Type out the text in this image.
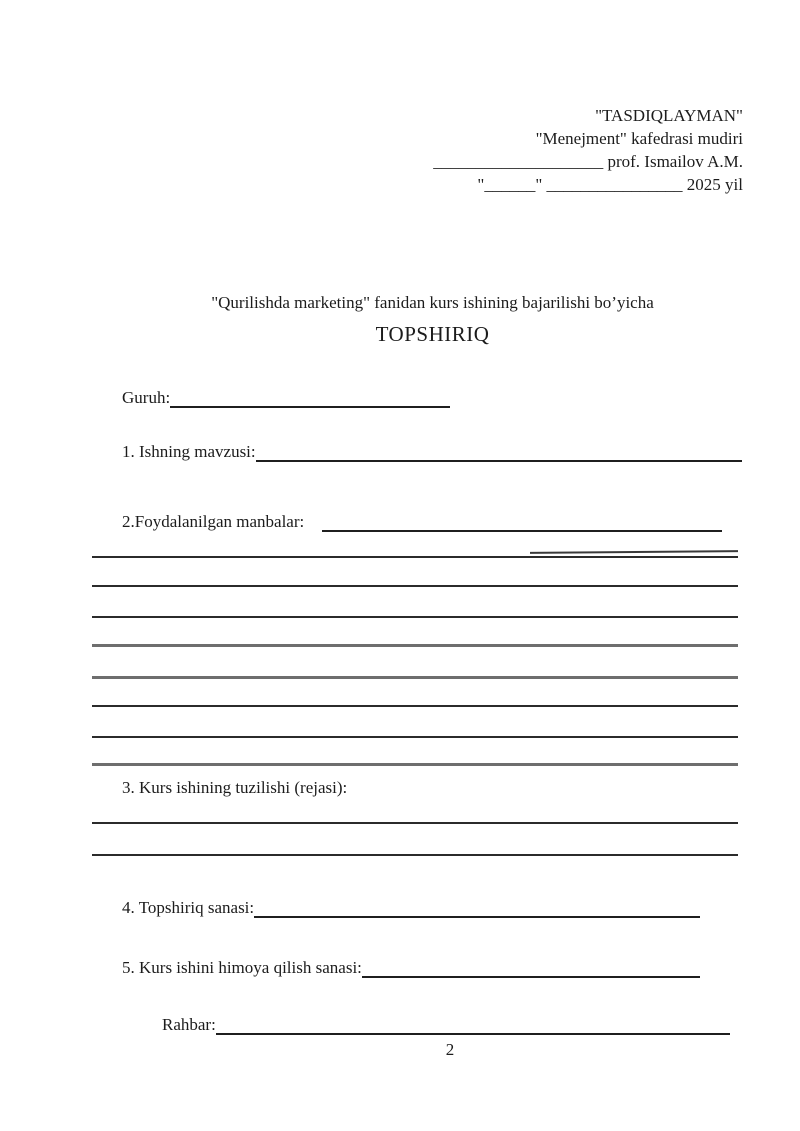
"TASDIQLAYMAN"
"Menejment" kafedrasi mudiri
____________________ prof. Ismailov A.M.
"______" ________________ 2025 yil
"Qurilishda marketing" fanidan kurs ishining bajarilishi bo’yicha
TOPSHIRIQ
Guruh:
1. Ishning mavzusi:
2.Foydalanilgan manbalar:
3. Kurs ishining tuzilishi (rejasi):
4. Topshiriq sanasi:
5. Kurs ishini himoya qilish sanasi:
Rahbar:
2
